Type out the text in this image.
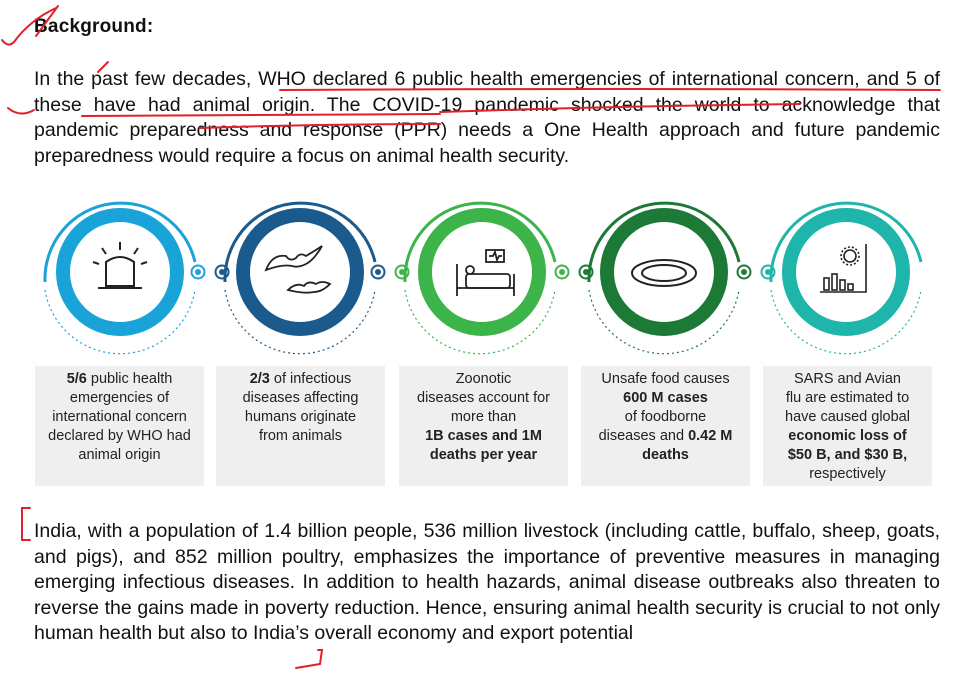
Background:
In the past few decades, WHO declared 6 public health emergencies of international concern, and 5 of these have had animal origin. The COVID-19 pandemic shocked the world to acknowledge that pandemic preparedness and response (PPR) needs a One Health approach and future pandemic preparedness would require a focus on animal health security.
5/6 public health
emergencies of
international concern
declared by WHO had
animal origin
2/3 of infectious
diseases affecting
humans originate
from animals
Zoonotic
diseases account for
more than
1B cases and 1M
deaths per year
Unsafe food causes
600 M cases
of foodborne
diseases and 0.42 M
deaths
SARS and Avian
flu are estimated to
have caused global
economic loss of
$50 B, and $30 B,
respectively
India, with a population of 1.4 billion people, 536 million livestock (including cattle, buffalo, sheep, goats, and pigs), and 852 million poultry, emphasizes the importance of preventive measures in managing emerging infectious diseases. In addition to health hazards, animal disease outbreaks also threaten to reverse the gains made in poverty reduction. Hence, ensuring animal health security is crucial to not only human health but also to India’s overall economy and export potential
